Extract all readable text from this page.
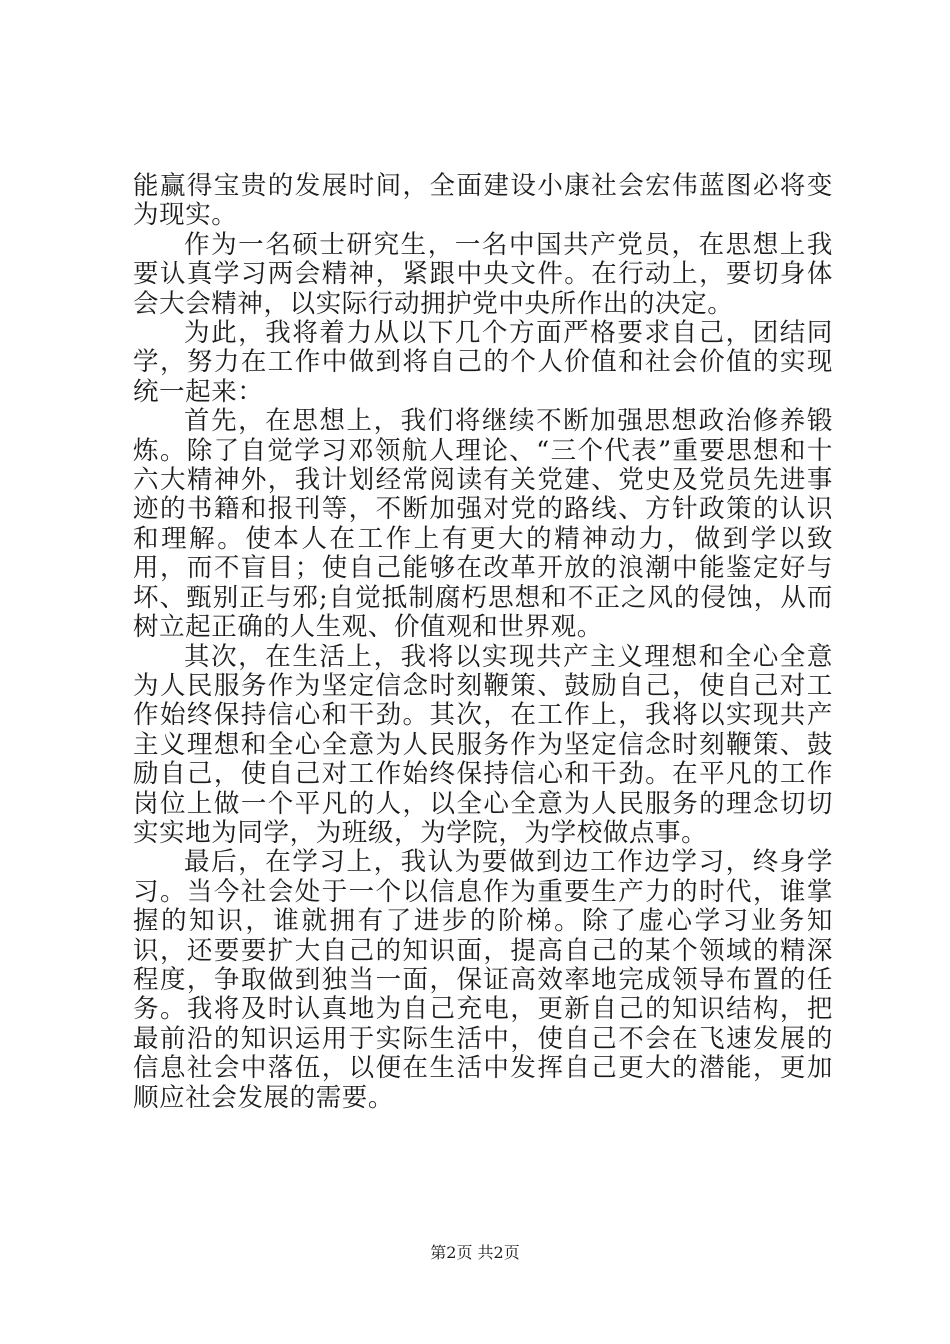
能赢得宝贵的发展时间，全面建设小康社会宏伟蓝图必将变为现实。

作为一名硕士研究生，一名中国共产党员，在思想上我要认真学习两会精神，紧跟中央文件。在行动上，要切身体会大会精神，以实际行动拥护党中央所作出的决定。

为此，我将着力从以下几个方面严格要求自己，团结同学，努力在工作中做到将自己的个人价值和社会价值的实现统一起来：

首先，在思想上，我们将继续不断加强思想政治修养锻炼。除了自觉学习邓领航人理论、“三个代表”重要思想和十六大精神外，我计划经常阅读有关党建、党史及党员先进事迹的书籍和报刊等，不断加强对党的路线、方针政策的认识和理解。使本人在工作上有更大的精神动力，做到学以致用，而不盲目；使自己能够在改革开放的浪潮中能鉴定好与坏、甄别正与邪;自觉抵制腐朽思想和不正之风的侵蚀，从而树立起正确的人生观、价值观和世界观。

其次，在生活上，我将以实现共产主义理想和全心全意为人民服务作为坚定信念时刻鞭策、鼓励自己，使自己对工作始终保持信心和干劲。其次，在工作上，我将以实现共产主义理想和全心全意为人民服务作为坚定信念时刻鞭策、鼓励自己，使自己对工作始终保持信心和干劲。在平凡的工作岗位上做一个平凡的人，以全心全意为人民服务的理念切切实实地为同学，为班级，为学院，为学校做点事。

最后，在学习上，我认为要做到边工作边学习，终身学习。当今社会处于一个以信息作为重要生产力的时代，谁掌握的知识，谁就拥有了进步的阶梯。除了虚心学习业务知识，还要要扩大自己的知识面，提高自己的某个领域的精深程度，争取做到独当一面，保证高效率地完成领导布置的任务。我将及时认真地为自己充电，更新自己的知识结构，把最前沿的知识运用于实际生活中，使自己不会在飞速发展的信息社会中落伍，以便在生活中发挥自己更大的潜能，更加顺应社会发展的需要。

第2页 共2页
